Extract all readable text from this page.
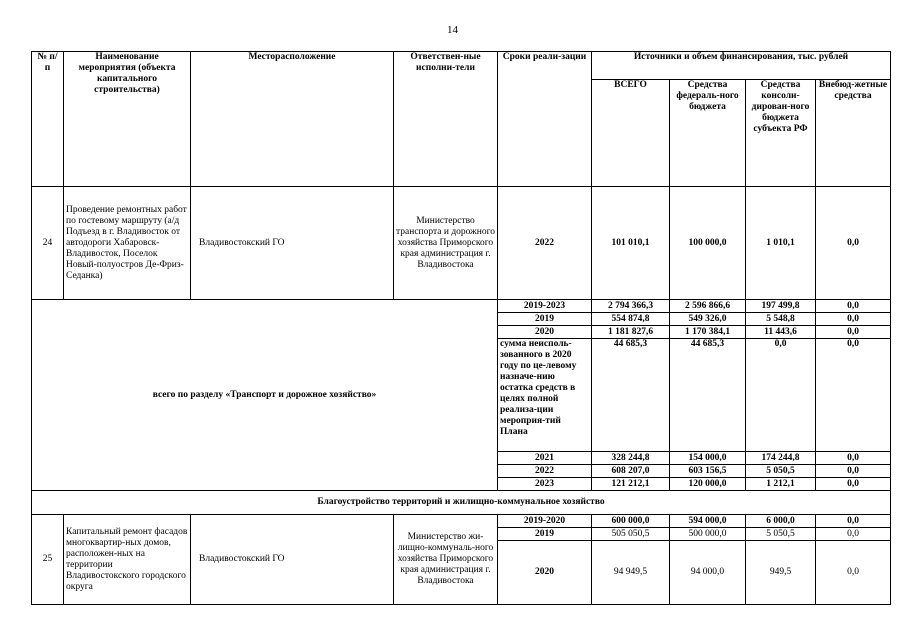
14
№ п/ п	Наименование мероприятия (объекта капитального строительства)	Месторасположение	Ответствен-ные исполни-тели	Сроки реали-зации	Источники и объем финансирования, тыс. рублей			
					ВСЕГО	Средства федераль-ного бюджета	Средства консоли-дирован-ного бюджета субъекта РФ	Внебюд-жетные средства
24	Проведение ремонтных работ по гостевому маршруту (а/д Подъезд в г. Владивосток от автодороги Хабаровск-Владивосток, Поселок Новый-полуостров Де-Фриз-Седанка)	Владивостокский ГО	Министерство транспорта и дорожного хозяйства Приморского края администрация г. Владивостока	2022	101 010,1	100 000,0	1 010,1	0,0
всего по разделу «Транспорт и дорожное хозяйство»				2019-2023	2 794 366,3	2 596 866,6	197 499,8	0,0
				2019	554 874,8	549 326,0	5 548,8	0,0
				2020	1 181 827,6	1 170 384,1	11 443,6	0,0
				сумма неисполь-зованного в 2020 году по це-левому назначе-нию остатка средств в целях полной реализа-ции мероприя-тий Плана	44 685,3	44 685,3	0,0	0,0
				2021	328 244,8	154 000,0	174 244,8	0,0
				2022	608 207,0	603 156,5	5 050,5	0,0
				2023	121 212,1	120 000,0	1 212,1	0,0
Благоустройство территорий и жилищно-коммунальное хозяйство								
25	Капитальный ремонт фасадов многоквартир-ных домов, расположен-ных на территории Владивостокского городского округа	Владивостокский ГО	Министерство жи-лищно-коммуналь-ного хозяйства Приморского края администрация г. Владивостока	2019-2020	600 000,0	594 000,0	6 000,0	0,0
				2019	505 050,5	500 000,0	5 050,5	0,0
				2020	94 949,5	94 000,0	949,5	0,0
